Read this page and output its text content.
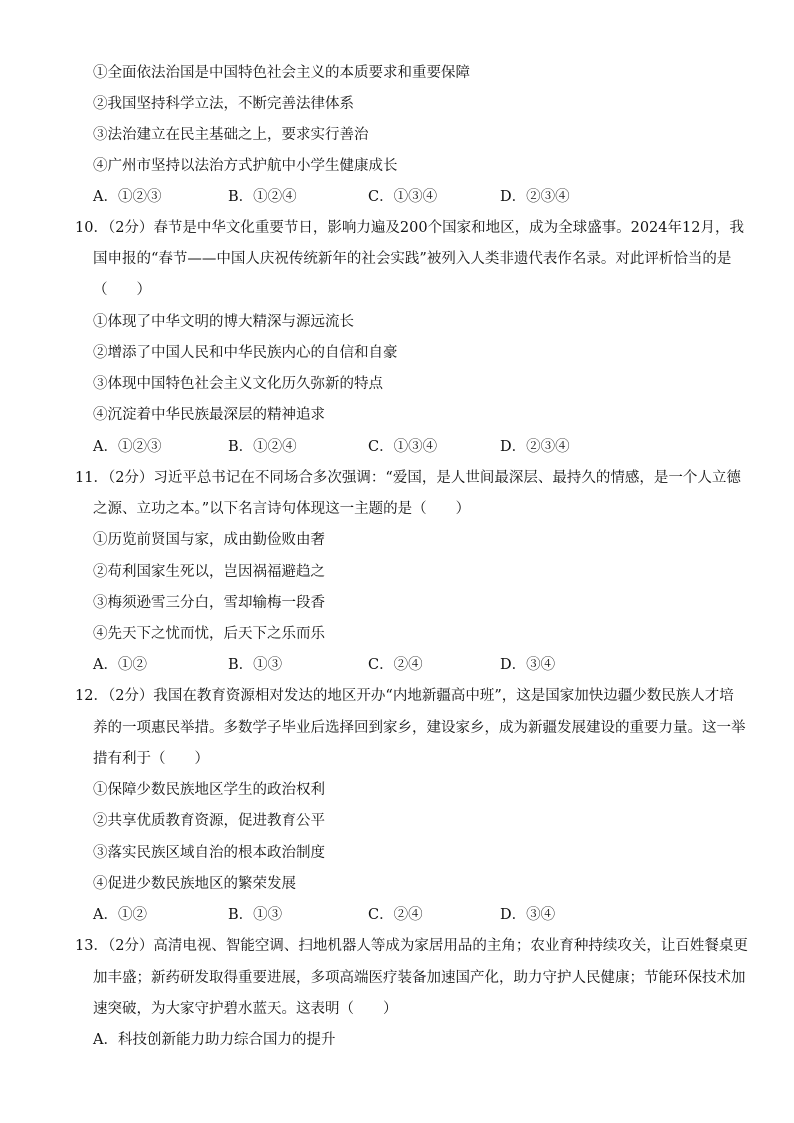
①全面依法治国是中国特色社会主义的本质要求和重要保障
②我国坚持科学立法，不断完善法律体系
③法治建立在民主基础之上，要求实行善治
④广州市坚持以法治方式护航中小学生健康成长
A．①②③	B．①②④	C．①③④	D．②③④
10．（2分）春节是中华文化重要节日，影响力遍及200个国家和地区，成为全球盛事。2024年12月，我
国申报的“春节——中国人庆祝传统新年的社会实践”被列入人类非遗代表作名录。对此评析恰当的是
（　　）
①体现了中华文明的博大精深与源远流长
②增添了中国人民和中华民族内心的自信和自豪
③体现中国特色社会主义文化历久弥新的特点
④沉淀着中华民族最深层的精神追求
A．①②③	B．①②④	C．①③④	D．②③④
11．（2分）习近平总书记在不同场合多次强调：“爱国，是人世间最深层、最持久的情感，是一个人立德
之源、立功之本。”以下名言诗句体现这一主题的是（　　）
①历览前贤国与家，成由勤俭败由奢
②苟利国家生死以，岂因祸福避趋之
③梅须逊雪三分白，雪却输梅一段香
④先天下之忧而忧，后天下之乐而乐
A．①②	B．①③	C．②④	D．③④
12．（2分）我国在教育资源相对发达的地区开办“内地新疆高中班”，这是国家加快边疆少数民族人才培
养的一项惠民举措。多数学子毕业后选择回到家乡，建设家乡，成为新疆发展建设的重要力量。这一举
措有利于（　　）
①保障少数民族地区学生的政治权利
②共享优质教育资源，促进教育公平
③落实民族区域自治的根本政治制度
④促进少数民族地区的繁荣发展
A．①②	B．①③	C．②④	D．③④
13．（2分）高清电视、智能空调、扫地机器人等成为家居用品的主角；农业育种持续攻关，让百姓餐桌更
加丰盛；新药研发取得重要进展，多项高端医疗装备加速国产化，助力守护人民健康；节能环保技术加
速突破，为大家守护碧水蓝天。这表明（　　）
A．科技创新能力助力综合国力的提升
